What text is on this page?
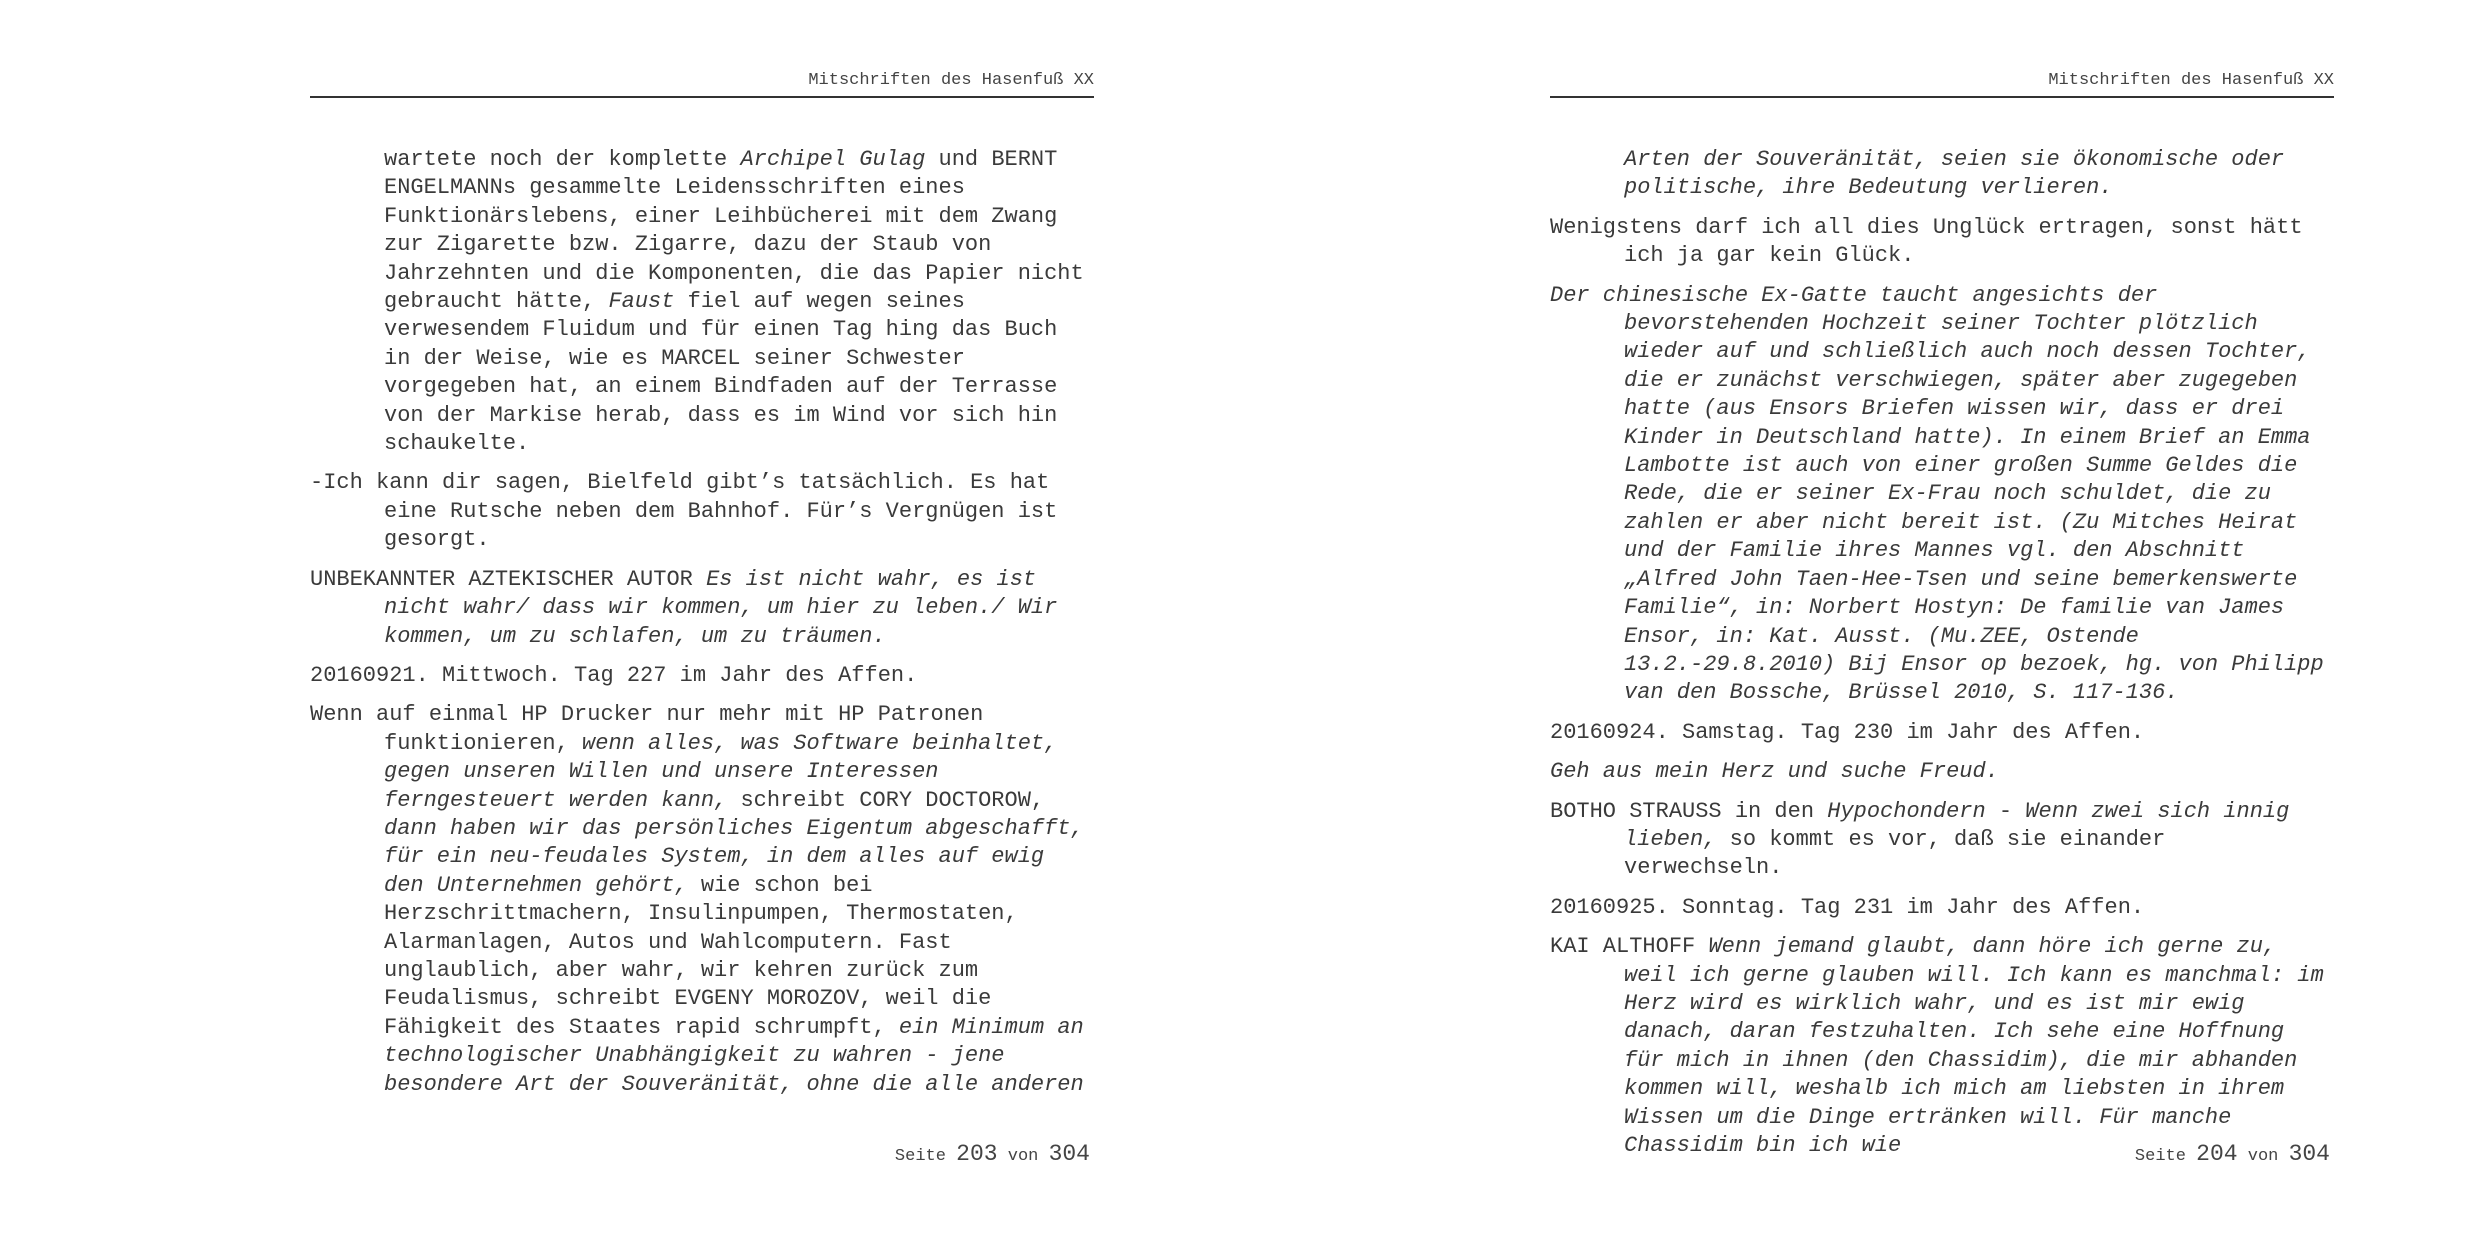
Mitschriften des Hasenfuß XX

wartete noch der komplette Archipel Gulag und BERNT ENGELMANNs gesammelte Leidensschriften eines Funktionärslebens, einer Leihbücherei mit dem Zwang zur Zigarette bzw. Zigarre, dazu der Staub von Jahrzehnten und die Komponenten, die das Papier nicht gebraucht hätte, Faust fiel auf wegen seines verwesendem Fluidum und für einen Tag hing das Buch in der Weise, wie es MARCEL seiner Schwester vorgegeben hat, an einem Bindfaden auf der Terrasse von der Markise herab, dass es im Wind vor sich hin schaukelte.

-Ich kann dir sagen, Bielfeld gibt’s tatsächlich. Es hat eine Rutsche neben dem Bahnhof. Für’s Vergnügen ist gesorgt.

UNBEKANNTER AZTEKISCHER AUTOR Es ist nicht wahr, es ist nicht wahr/ dass wir kommen, um hier zu leben./ Wir kommen, um zu schlafen, um zu träumen.

20160921. Mittwoch. Tag 227 im Jahr des Affen.

Wenn auf einmal HP Drucker nur mehr mit HP Patronen funktionieren, wenn alles, was Software beinhaltet, gegen unseren Willen und unsere Interessen ferngesteuert werden kann, schreibt CORY DOCTOROW, dann haben wir das persönliches Eigentum abgeschafft, für ein neu-feudales System, in dem alles auf ewig den Unternehmen gehört, wie schon bei Herzschrittmachern, Insulinpumpen, Thermostaten, Alarmanlagen, Autos und Wahlcomputern. Fast unglaublich, aber wahr, wir kehren zurück zum Feudalismus, schreibt EVGENY MOROZOV, weil die Fähigkeit des Staates rapid schrumpft, ein Minimum an technologischer Unabhängigkeit zu wahren - jene besondere Art der Souveränität, ohne die alle anderen

Seite 203 von 304
Mitschriften des Hasenfuß XX

Arten der Souveränität, seien sie ökonomische oder politische, ihre Bedeutung verlieren.

Wenigstens darf ich all dies Unglück ertragen, sonst hätt ich ja gar kein Glück.

Der chinesische Ex-Gatte taucht angesichts der bevorstehenden Hochzeit seiner Tochter plötzlich wieder auf und schließlich auch noch dessen Tochter, die er zunächst verschwiegen, später aber zugegeben hatte (aus Ensors Briefen wissen wir, dass er drei Kinder in Deutschland hatte). In einem Brief an Emma Lambotte ist auch von einer großen Summe Geldes die Rede, die er seiner Ex-Frau noch schuldet, die zu zahlen er aber nicht bereit ist. (Zu Mitches Heirat und der Familie ihres Mannes vgl. den Abschnitt „Alfred John Taen-Hee-Tsen und seine bemerkenswerte Familie“, in: Norbert Hostyn: De familie van James Ensor, in: Kat. Ausst. (Mu.ZEE, Ostende 13.2.-29.8.2010) Bij Ensor op bezoek, hg. von Philipp van den Bossche, Brüssel 2010, S. 117-136.

20160924. Samstag. Tag 230 im Jahr des Affen.

Geh aus mein Herz und suche Freud.

BOTHO STRAUSS in den Hypochondern - Wenn zwei sich innig lieben, so kommt es vor, daß sie einander verwechseln.

20160925. Sonntag. Tag 231 im Jahr des Affen.

KAI ALTHOFF Wenn jemand glaubt, dann höre ich gerne zu, weil ich gerne glauben will. Ich kann es manchmal: im Herz wird es wirklich wahr, und es ist mir ewig danach, daran festzuhalten. Ich sehe eine Hoffnung für mich in ihnen (den Chassidim), die mir abhanden kommen will, weshalb ich mich am liebsten in ihrem Wissen um die Dinge ertränken will. Für manche Chassidim bin ich wie	Seite 204 von 304
